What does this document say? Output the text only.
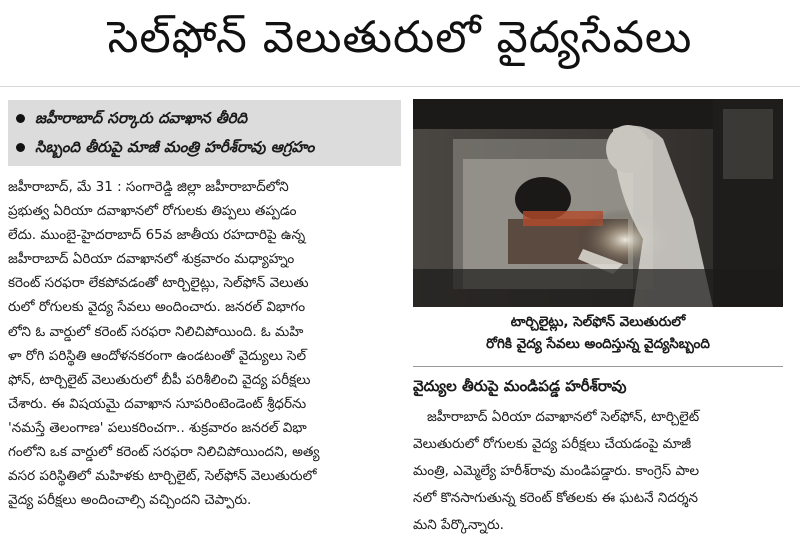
సెల్‌ఫోన్ వెలుతురులో వైద్యసేవలు
జహీరాబాద్ సర్కారు దవాఖాన తీరిది
సిబ్బంది తీరుపై మాజీ మంత్రి హరీశ్‌రావు ఆగ్రహం
జహీరాబాద్, మే 31 : సంగారెడ్డి జిల్లా జహీరాబాద్‌లోని
ప్రభుత్వ ఏరియా దవాఖానలో రోగులకు తిప్పలు తప్పడం
లేదు. ముంబై-హైదరాబాద్ 65వ జాతీయ రహదారిపై ఉన్న
జహీరాబాద్ ఏరియా దవాఖానలో శుక్రవారం మధ్యాహ్నం
కరెంట్ సరఫరా లేకపోవడంతో టార్చిలైట్లు, సెల్‌ఫోన్ వెలుతు
రులో రోగులకు వైద్య సేవలు అందించారు. జనరల్ విభాగం
లోని ఓ వార్డులో కరెంట్ సరఫరా నిలిచిపోయింది. ఓ మహి
ళా రోగి పరిస్థితి ఆందోళనకరంగా ఉండటంతో వైద్యులు సెల్
ఫోన్, టార్చిలైట్ వెలుతురులో బీపీ పరిశీలించి వైద్య పరీక్షలు
చేశారు. ఈ విషయమై దవాఖాన సూపరింటెండెంట్ శ్రీధర్‌ను
'నమస్తే తెలంగాణ' పలుకరించగా.. శుక్రవారం జనరల్ విభా
గంలోని ఒక వార్డులో కరెంట్ సరఫరా నిలిచిపోయిందని, అత్య
వసర పరిస్థితిలో మహిళకు టార్చిలైట్, సెల్‌ఫోన్ వెలుతురులో
వైద్య పరీక్షలు అందించాల్సి వచ్చిందని చెప్పారు.
టార్చిలైట్లు, సెల్‌ఫోన్ వెలుతురులో
రోగికి వైద్య సేవలు అందిస్తున్న వైద్యసిబ్బంది
వైద్యుల తీరుపై మండిపడ్డ హరీశ్‌రావు
జహీరాబాద్ ఏరియా దవాఖానలో సెల్‌ఫోన్, టార్చిలైట్
వెలుతురులో రోగులకు వైద్య పరీక్షలు చేయడంపై మాజీ
మంత్రి, ఎమ్మెల్యే హరీశ్‌రావు మండిపడ్డారు. కాంగ్రెస్ పాల
నలో కొనసాగుతున్న కరెంట్ కోతలకు ఈ ఘటనే నిదర్శన
మని పేర్కొన్నారు.
